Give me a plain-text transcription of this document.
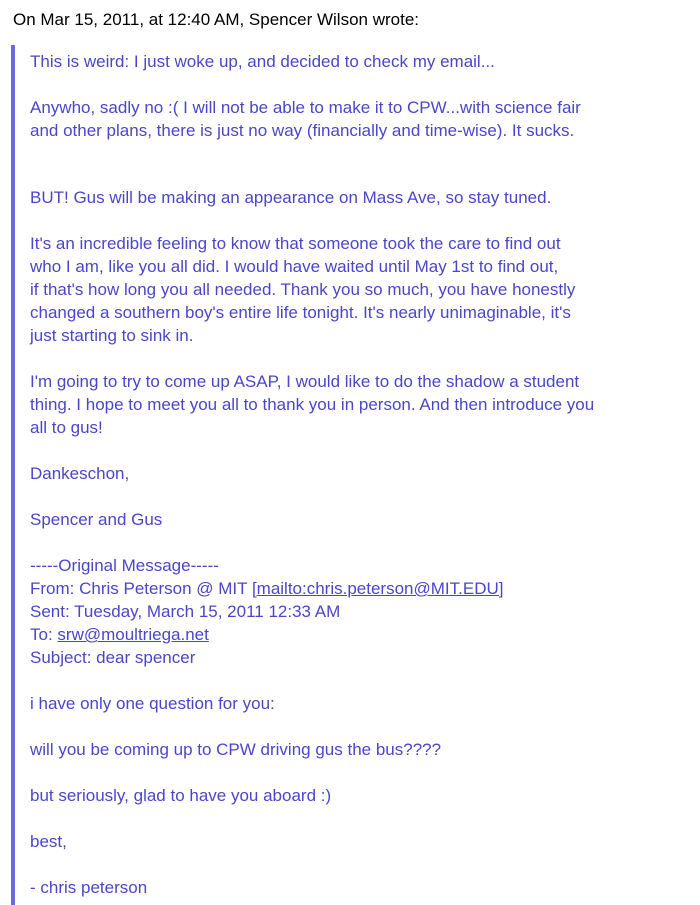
On Mar 15, 2011, at 12:40 AM, Spencer Wilson wrote:
This is weird: I just woke up, and decided to check my email...
Anywho, sadly no :( I will not be able to make it to CPW...with science fair
and other plans, there is just no way (financially and time-wise). It sucks.
BUT! Gus will be making an appearance on Mass Ave, so stay tuned.
It's an incredible feeling to know that someone took the care to find out
who I am, like you all did. I would have waited until May 1st to find out,
if that's how long you all needed. Thank you so much, you have honestly
changed a southern boy's entire life tonight. It's nearly unimaginable, it's
just starting to sink in.
I'm going to try to come up ASAP, I would like to do the shadow a student
thing. I hope to meet you all to thank you in person. And then introduce you
all to gus!
Dankeschon,
Spencer and Gus
-----Original Message-----
From: Chris Peterson @ MIT [mailto:chris.peterson@MIT.EDU]
Sent: Tuesday, March 15, 2011 12:33 AM
To: srw@moultriega.net
Subject: dear spencer
i have only one question for you:
will you be coming up to CPW driving gus the bus????
but seriously, glad to have you aboard :)
best,
- chris peterson
